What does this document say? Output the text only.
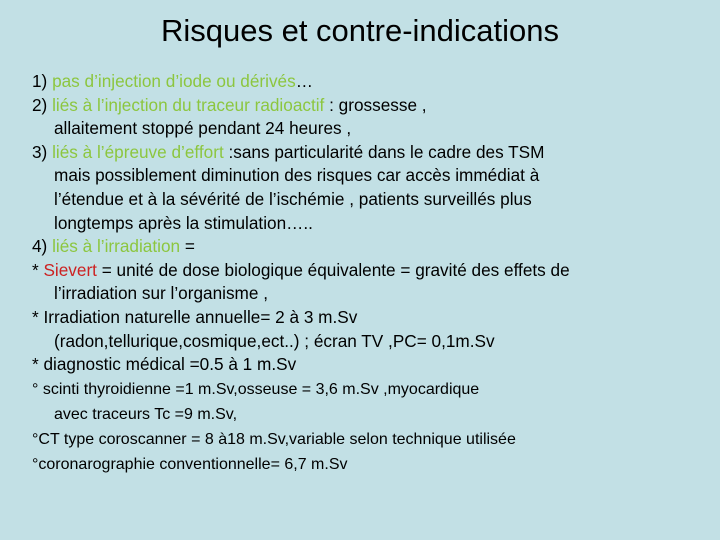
Risques et contre-indications
1) pas d’injection d’iode ou dérivés…
2) liés à l’injection du traceur radioactif : grossesse ,
allaitement stoppé pendant 24 heures ,
3) liés à l’épreuve d’effort :sans particularité dans le cadre des TSM
mais possiblement diminution des risques car accès immédiat à
l’étendue et à la sévérité de l’ischémie , patients surveillés plus
longtemps après la stimulation…..
4) liés à l’irradiation =
* Sievert = unité de dose biologique équivalente = gravité des effets de
l’irradiation sur l’organisme ,
* Irradiation naturelle annuelle= 2 à 3 m.Sv
(radon,tellurique,cosmique,ect..) ; écran TV ,PC= 0,1m.Sv
* diagnostic médical =0.5 à 1 m.Sv
° scinti thyroidienne =1 m.Sv,osseuse = 3,6 m.Sv ,myocardique
avec traceurs Tc =9 m.Sv,
°CT type coroscanner = 8 à18 m.Sv,variable selon technique utilisée
°coronarographie conventionnelle= 6,7 m.Sv
